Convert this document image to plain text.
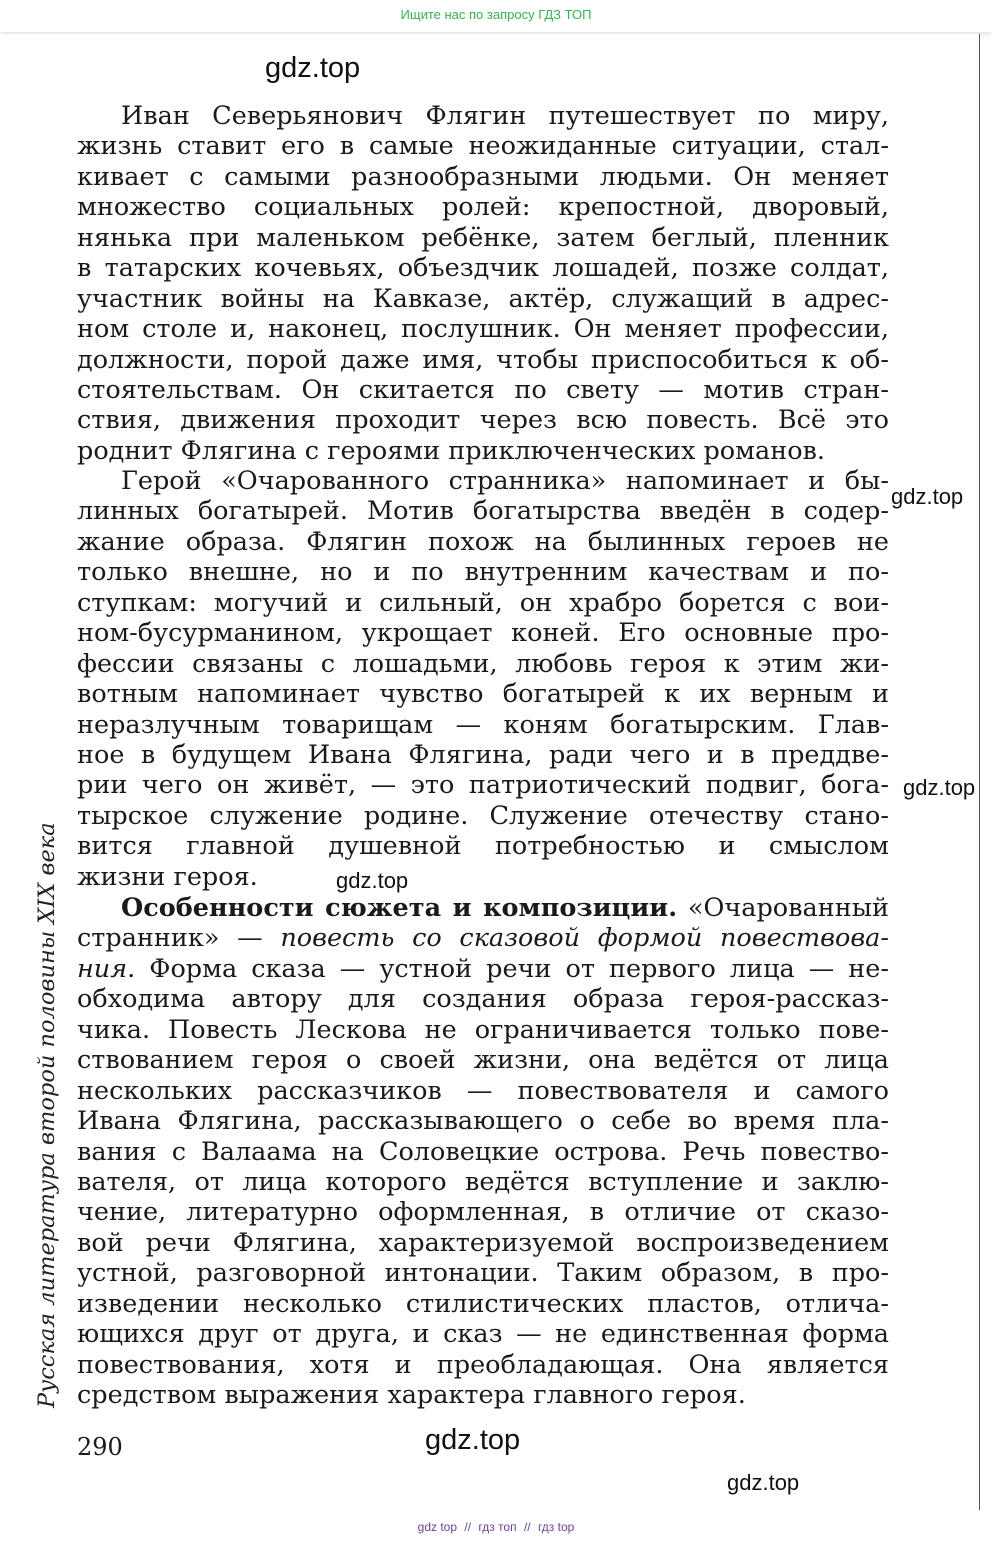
Ищите нас по запросу ГДЗ ТОП
Русская литература второй половины XIX века
gdz.top
Иван Северьянович Флягин путешествует по миру,
жизнь ставит его в самые неожиданные ситуации, стал-
кивает с самыми разнообразными людьми. Он меняет
множество социальных ролей: крепостной, дворовый,
нянька при маленьком ребёнке, затем беглый, пленник
в татарских кочевьях, объездчик лошадей, позже солдат,
участник войны на Кавказе, актёр, служащий в адрес-
ном столе и, наконец, послушник. Он меняет профессии,
должности, порой даже имя, чтобы приспособиться к об-
стоятельствам. Он скитается по свету — мотив стран-
ствия, движения проходит через всю повесть. Всё это
роднит Флягина с героями приключенческих романов.
Герой «Очарованного странника» напоминает и бы-
линных богатырей. Мотив богатырства введён в содер-
жание образа. Флягин похож на былинных героев не
только внешне, но и по внутренним качествам и по-
ступкам: могучий и сильный, он храбро борется с вои-
ном-бусурманином, укрощает коней. Его основные про-
фессии связаны с лошадьми, любовь героя к этим жи-
вотным напоминает чувство богатырей к их верным и
неразлучным товарищам — коням богатырским. Глав-
ное в будущем Ивана Флягина, ради чего и в преддве-
рии чего он живёт, — это патриотический подвиг, бога-
тырское служение родине. Служение отечеству стано-
вится главной душевной потребностью и смыслом
жизни героя.
gdz.top
gdz.top
gdz.top
Особенности сюжета и композиции. «Очарованный
странник» — повесть со сказовой формой повествова-
ния. Форма сказа — устной речи от первого лица — не-
обходима автору для создания образа героя-рассказ-
чика. Повесть Лескова не ограничивается только пове-
ствованием героя о своей жизни, она ведётся от лица
нескольких рассказчиков — повествователя и самого
Ивана Флягина, рассказывающего о себе во время пла-
вания с Валаама на Соловецкие острова. Речь повество-
вателя, от лица которого ведётся вступление и заклю-
чение, литературно оформленная, в отличие от сказо-
вой речи Флягина, характеризуемой воспроизведением
устной, разговорной интонации. Таким образом, в про-
изведении несколько стилистических пластов, отлича-
ющихся друг от друга, и сказ — не единственная форма
повествования, хотя и преобладающая. Она является
средством выражения характера главного героя.
290	gdz.top
gdz.top
gdz top // гдз топ // гдз top
